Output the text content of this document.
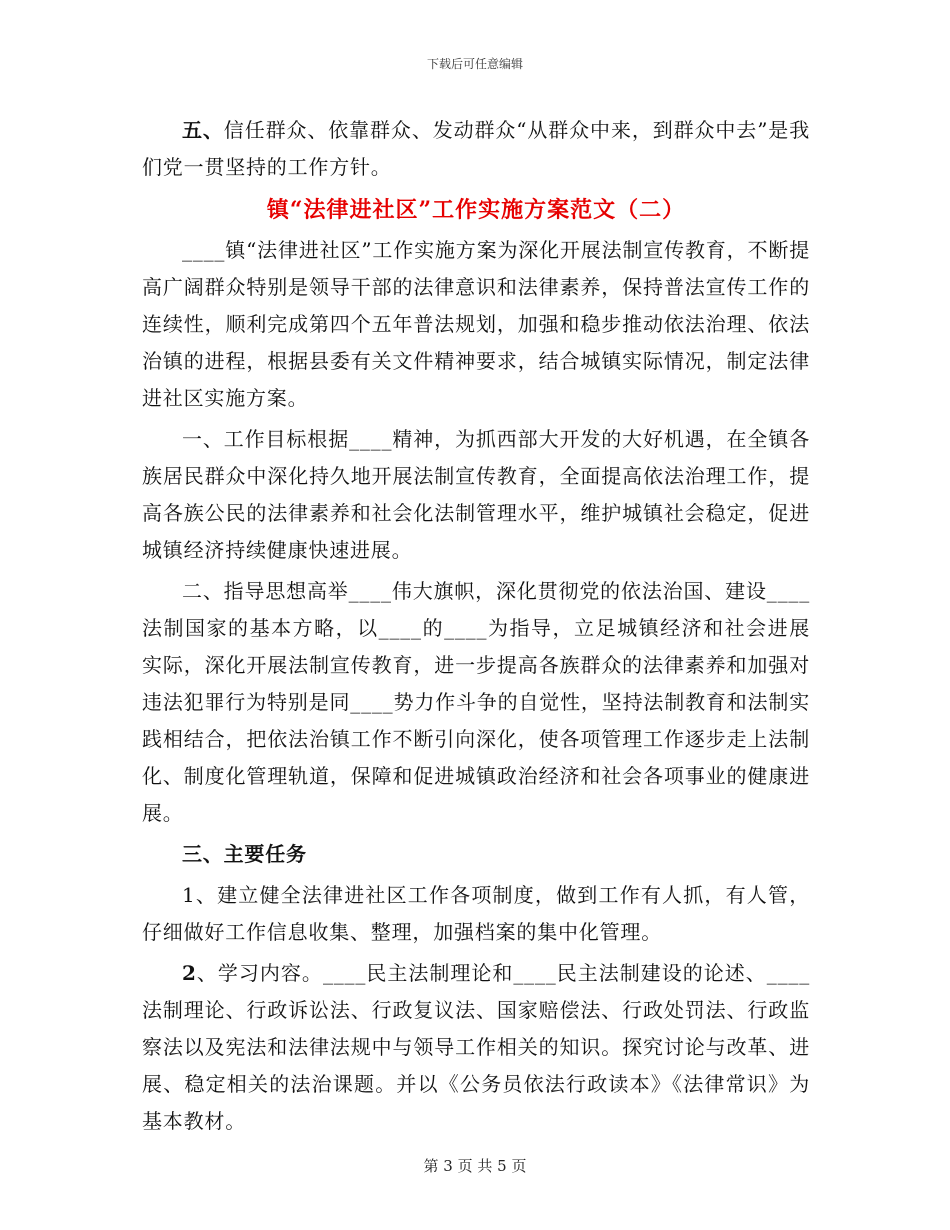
下载后可任意编辑

五、信任群众、依靠群众、发动群众“从群众中来，到群众中去”是我们党一贯坚持的工作方针。

镇“法律进社区”工作实施方案范文（二）

____镇“法律进社区”工作实施方案为深化开展法制宣传教育，不断提高广阔群众特别是领导干部的法律意识和法律素养，保持普法宣传工作的连续性，顺利完成第四个五年普法规划，加强和稳步推动依法治理、依法治镇的进程，根据县委有关文件精神要求，结合城镇实际情况，制定法律进社区实施方案。

一、工作目标根据____精神，为抓西部大开发的大好机遇，在全镇各族居民群众中深化持久地开展法制宣传教育，全面提高依法治理工作，提高各族公民的法律素养和社会化法制管理水平，维护城镇社会稳定，促进城镇经济持续健康快速进展。

二、指导思想高举____伟大旗帜，深化贯彻党的依法治国、建设____法制国家的基本方略，以____的____为指导，立足城镇经济和社会进展实际，深化开展法制宣传教育，进一步提高各族群众的法律素养和加强对违法犯罪行为特别是同____势力作斗争的自觉性，坚持法制教育和法制实践相结合，把依法治镇工作不断引向深化，使各项管理工作逐步走上法制化、制度化管理轨道，保障和促进城镇政治经济和社会各项事业的健康进展。

三、主要任务

1、建立健全法律进社区工作各项制度，做到工作有人抓，有人管，仔细做好工作信息收集、整理，加强档案的集中化管理。

2、学习内容。____民主法制理论和____民主法制建设的论述、____法制理论、行政诉讼法、行政复议法、国家赔偿法、行政处罚法、行政监察法以及宪法和法律法规中与领导工作相关的知识。探究讨论与改革、进展、稳定相关的法治课题。并以《公务员依法行政读本》《法律常识》为基本教材。

第 3 页 共 5 页
